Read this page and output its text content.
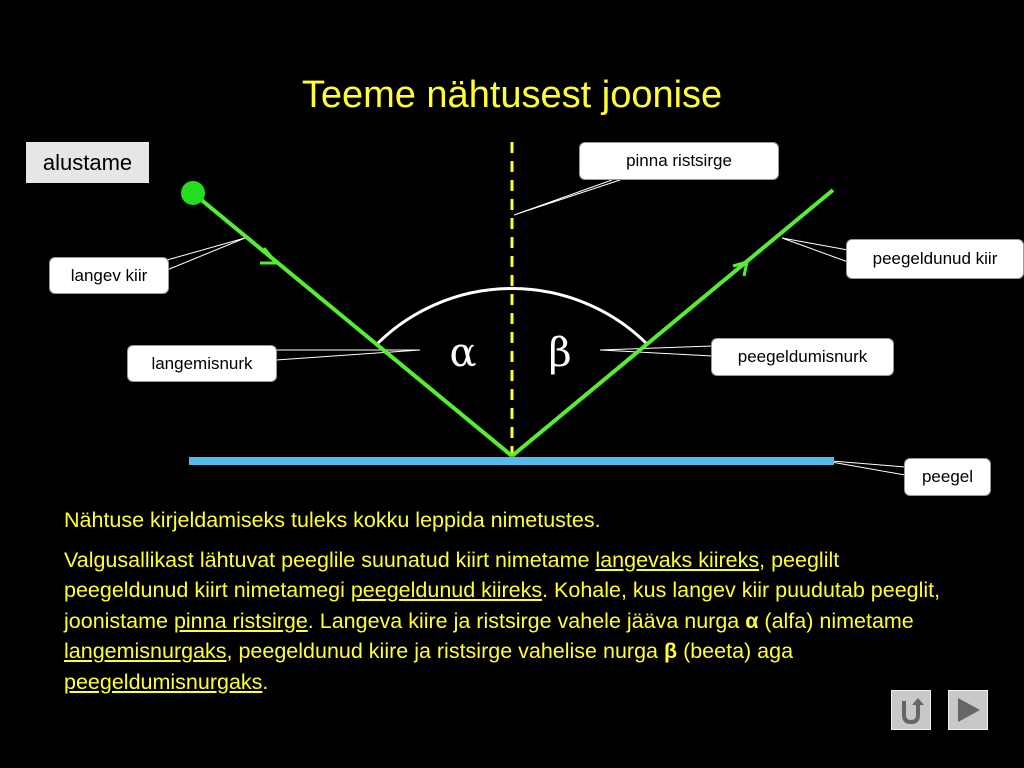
Teeme nähtusest joonise
alustame
α β
pinna ristsirge
langev kiir
peegeldunud kiir
langemisnurk	peegeldumisnurk
peegel

Nähtuse kirjeldamiseks tuleks kokku leppida nimetustes.

Valgusallikast lähtuvat peeglile suunatud kiirt nimetame langevaks kiireks, peeglilt peegeldunud kiirt nimetamegi peegeldunud kiireks. Kohale, kus langev kiir puudutab peeglit, joonistame pinna ristsirge. Langeva kiire ja ristsirge vahele jääva nurga α (alfa) nimetame langemisnurgaks, peegeldunud kiire ja ristsirge vahelise nurga β (beeta) aga peegeldumisnurgaks.
